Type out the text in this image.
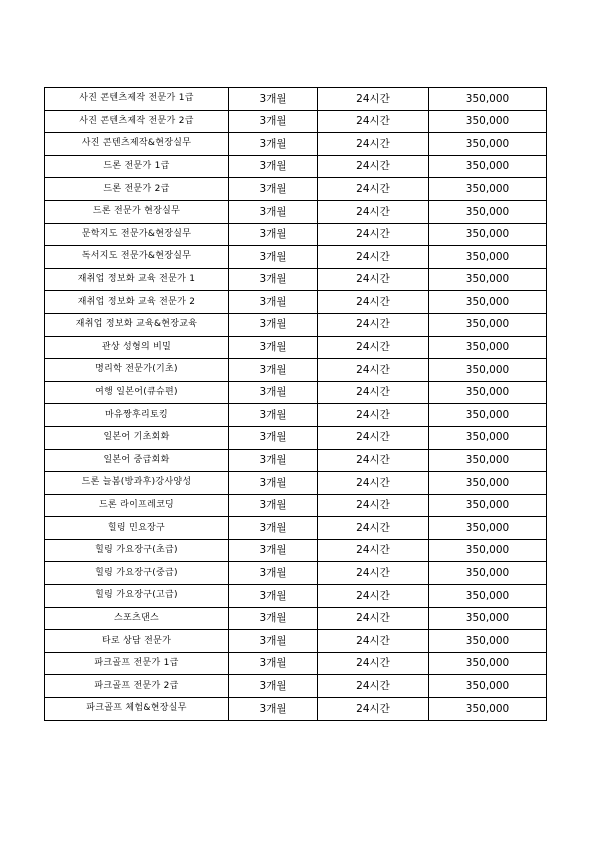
사진 콘텐츠제작 전문가 1급	3개월	24시간	350,000
사진 콘텐츠제작 전문가 2급	3개월	24시간	350,000
사진 콘텐츠제작&현장실무	3개월	24시간	350,000
드론 전문가 1급	3개월	24시간	350,000
드론 전문가 2급	3개월	24시간	350,000
드론 전문가 현장실무	3개월	24시간	350,000
문학지도 전문가&현장실무	3개월	24시간	350,000
독서지도 전문가&현장실무	3개월	24시간	350,000
재취업 정보화 교육 전문가 1	3개월	24시간	350,000
재취업 정보화 교육 전문가 2	3개월	24시간	350,000
재취업 정보화 교육&현장교육	3개월	24시간	350,000
관상 성형의 비밀	3개월	24시간	350,000
명리학 전문가(기초)	3개월	24시간	350,000
여행 일본어(큐슈편)	3개월	24시간	350,000
마유짱후리토킹	3개월	24시간	350,000
일본어 기초회화	3개월	24시간	350,000
일본어 중급회화	3개월	24시간	350,000
드론 늘봄(방과후)강사양성	3개월	24시간	350,000
드론 라이프레코딩	3개월	24시간	350,000
힐링 민요장구	3개월	24시간	350,000
힐링 가요장구(초급)	3개월	24시간	350,000
힐링 가요장구(중급)	3개월	24시간	350,000
힐링 가요장구(고급)	3개월	24시간	350,000
스포츠댄스	3개월	24시간	350,000
타로 상담 전문가	3개월	24시간	350,000
파크골프 전문가 1급	3개월	24시간	350,000
파크골프 전문가 2급	3개월	24시간	350,000
파크골프 체험&현장실무	3개월	24시간	350,000
